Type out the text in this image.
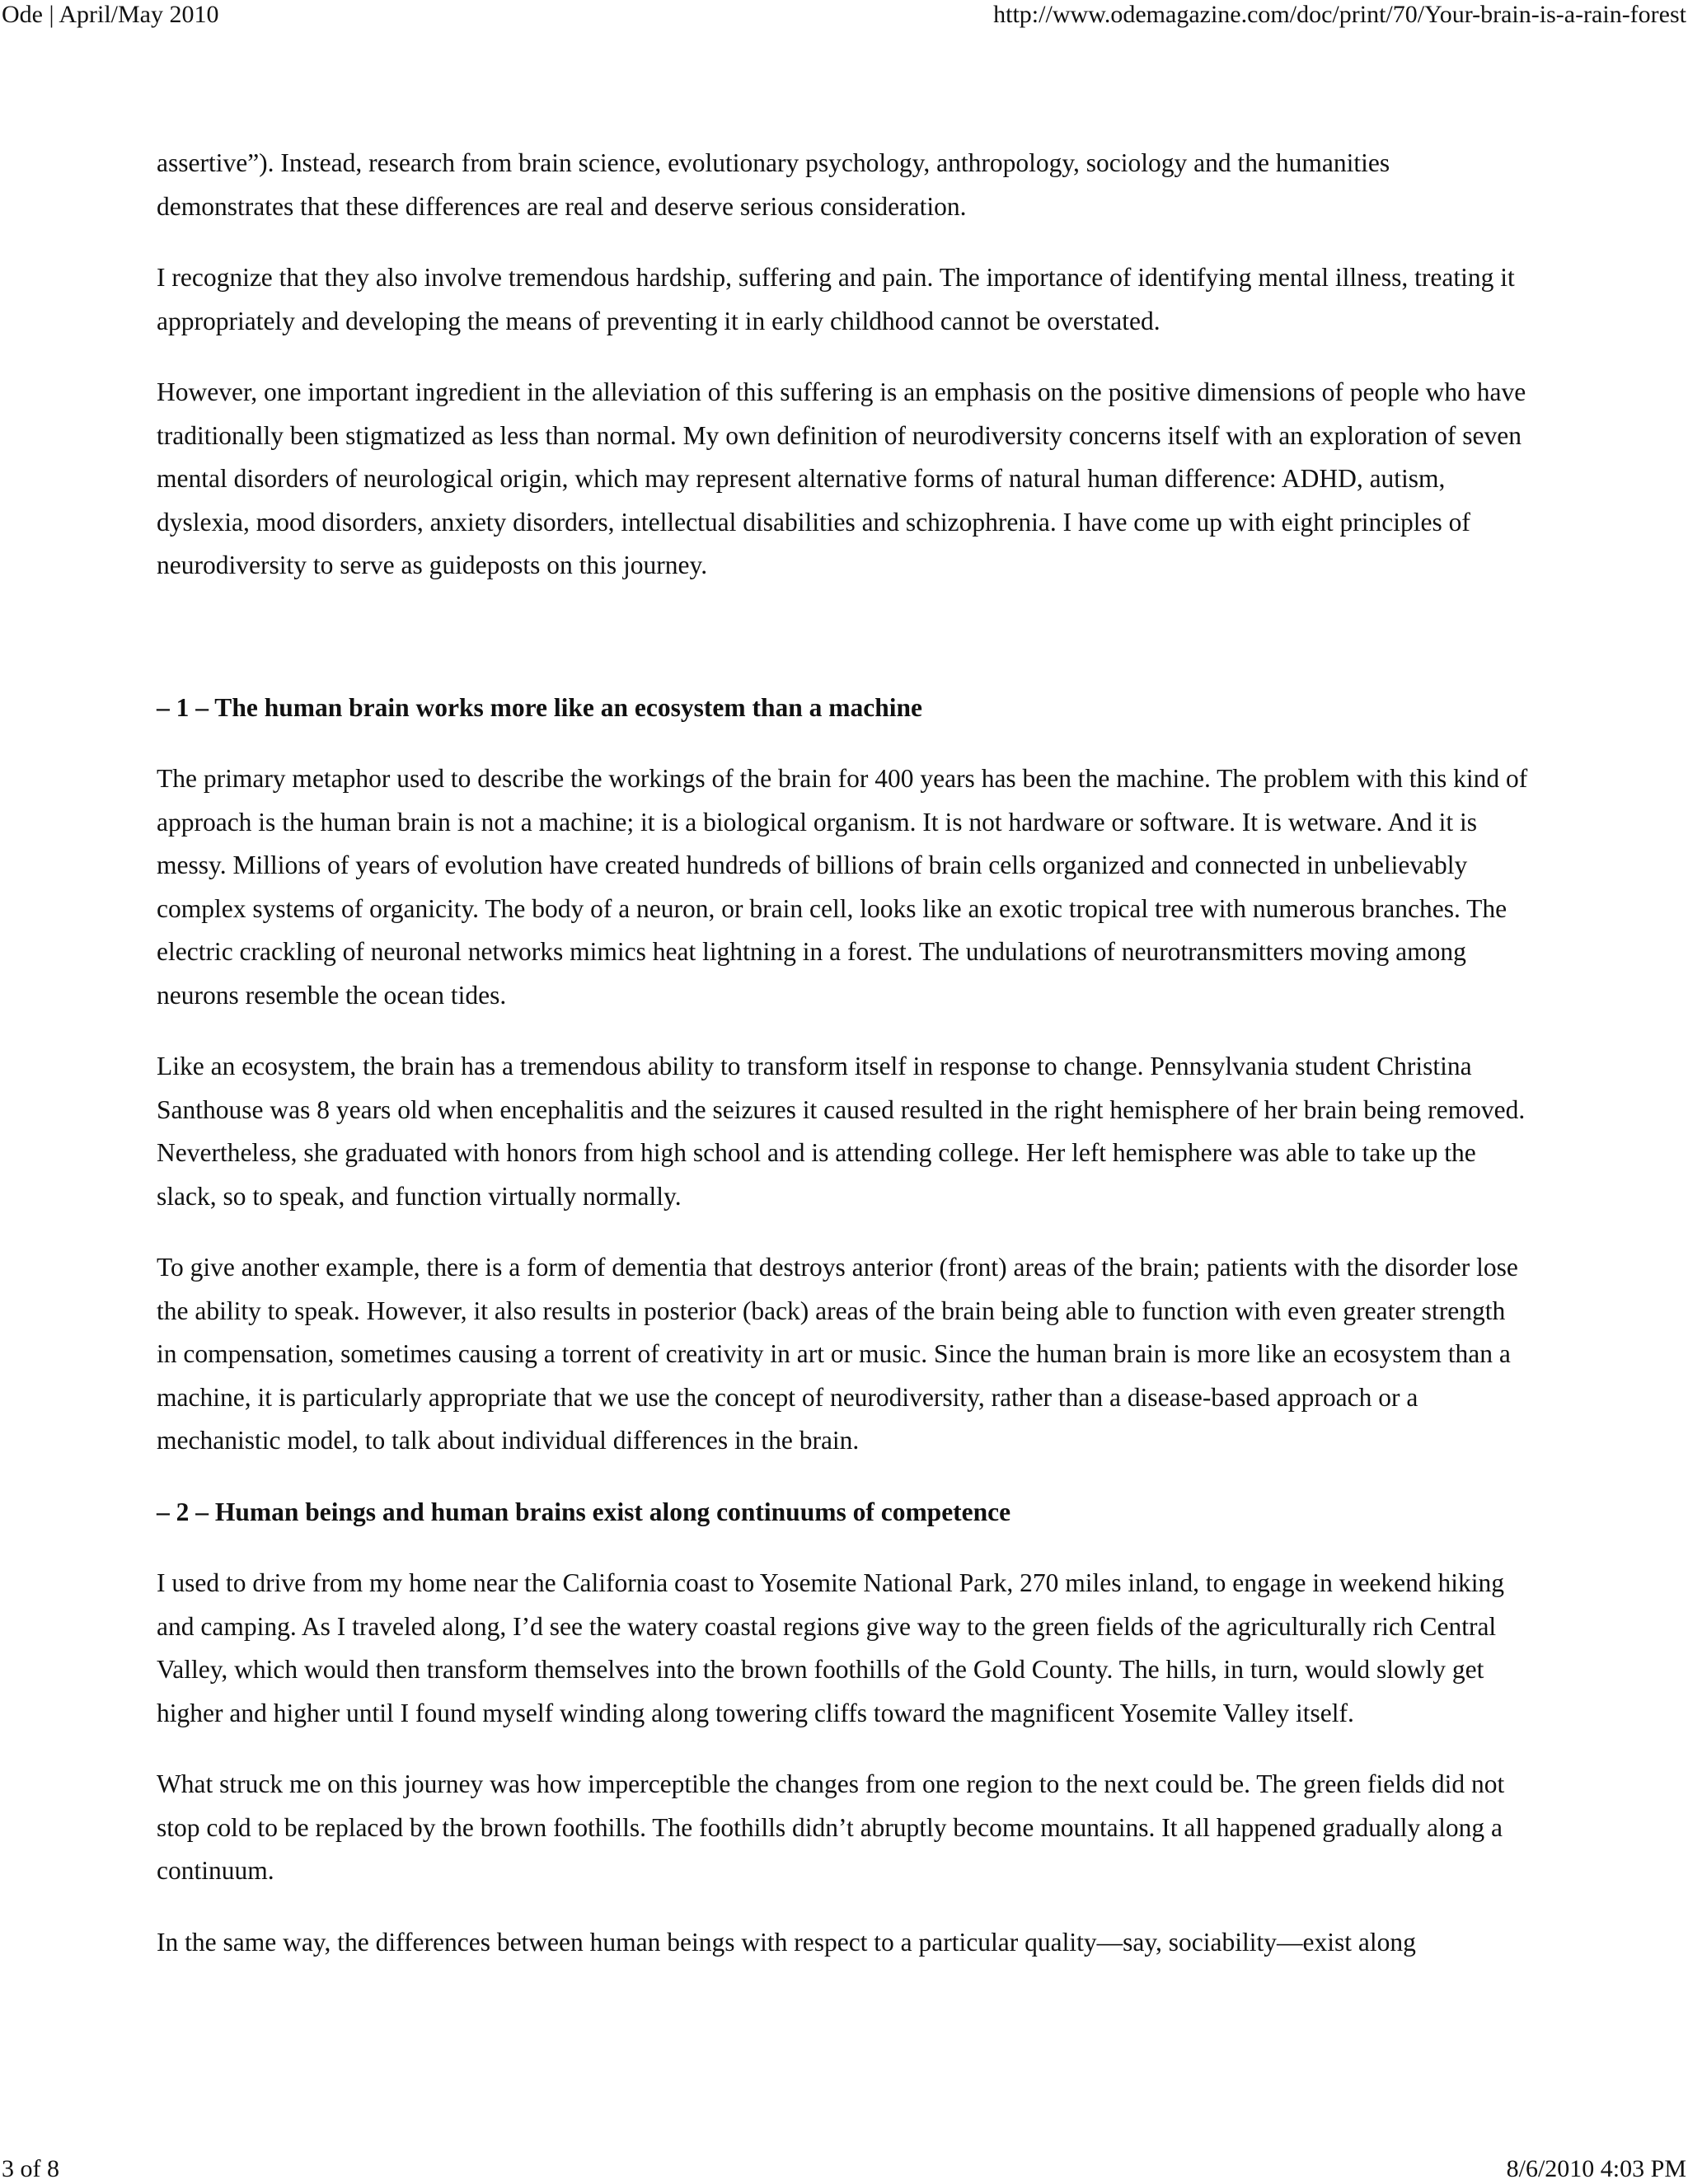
Ode | April/May 2010	http://www.odemagazine.com/doc/print/70/Your-brain-is-a-rain-forest

assertive”). Instead, research from brain science, evolutionary psychology, anthropology, sociology and the humanities demonstrates that these differences are real and deserve serious consideration.

I recognize that they also involve tremendous hardship, suffering and pain. The importance of identifying mental illness, treating it appropriately and developing the means of preventing it in early childhood cannot be overstated.

However, one important ingredient in the alleviation of this suffering is an emphasis on the positive dimensions of people who have traditionally been stigmatized as less than normal. My own definition of neurodiversity concerns itself with an exploration of seven mental disorders of neurological origin, which may represent alternative forms of natural human difference: ADHD, autism, dyslexia, mood disorders, anxiety disorders, intellectual disabilities and schizophrenia. I have come up with eight principles of neurodiversity to serve as guideposts on this journey.

– 1 – The human brain works more like an ecosystem than a machine

The primary metaphor used to describe the workings of the brain for 400 years has been the machine. The problem with this kind of approach is the human brain is not a machine; it is a biological organism. It is not hardware or software. It is wetware. And it is messy. Millions of years of evolution have created hundreds of billions of brain cells organized and connected in unbelievably complex systems of organicity. The body of a neuron, or brain cell, looks like an exotic tropical tree with numerous branches. The electric crackling of neuronal networks mimics heat lightning in a forest. The undulations of neurotransmitters moving among neurons resemble the ocean tides.

Like an ecosystem, the brain has a tremendous ability to transform itself in response to change. Pennsylvania student Christina Santhouse was 8 years old when encephalitis and the seizures it caused resulted in the right hemisphere of her brain being removed. Nevertheless, she graduated with honors from high school and is attending college. Her left hemisphere was able to take up the slack, so to speak, and function virtually normally.

To give another example, there is a form of dementia that destroys anterior (front) areas of the brain; patients with the disorder lose the ability to speak. However, it also results in posterior (back) areas of the brain being able to function with even greater strength in compensation, sometimes causing a torrent of creativity in art or music. Since the human brain is more like an ecosystem than a machine, it is particularly appropriate that we use the concept of neurodiversity, rather than a disease-based approach or a mechanistic model, to talk about individual differences in the brain.

– 2 – Human beings and human brains exist along continuums of competence

I used to drive from my home near the California coast to Yosemite National Park, 270 miles inland, to engage in weekend hiking and camping. As I traveled along, I’d see the watery coastal regions give way to the green fields of the agriculturally rich Central Valley, which would then transform themselves into the brown foothills of the Gold County. The hills, in turn, would slowly get higher and higher until I found myself winding along towering cliffs toward the magnificent Yosemite Valley itself.

What struck me on this journey was how imperceptible the changes from one region to the next could be. The green fields did not stop cold to be replaced by the brown foothills. The foothills didn’t abruptly become mountains. It all happened gradually along a continuum.

In the same way, the differences between human beings with respect to a particular quality—say, sociability—exist along

3 of 8	8/6/2010 4:03 PM
